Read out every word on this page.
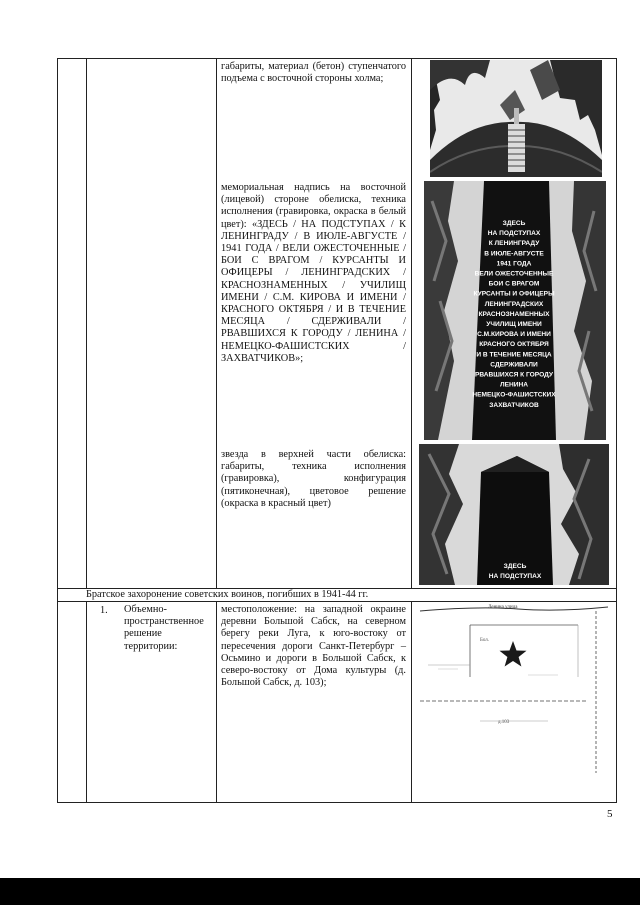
габариты, материал (бетон) ступенчатого подъема с восточной стороны холма;

мемориальная надпись на восточной (лицевой) стороне обелиска, техника исполнения (гравировка, окраска в белый цвет): «ЗДЕСЬ / НА ПОДСТУПАХ / К ЛЕНИНГРАДУ / В ИЮЛЕ-АВГУСТЕ / 1941 ГОДА / ВЕЛИ ОЖЕСТОЧЕННЫЕ / БОИ С ВРАГОМ / КУРСАНТЫ И ОФИЦЕРЫ / ЛЕНИНГРАДСКИХ / КРАСНОЗНАМЕННЫХ / УЧИЛИЩ ИМЕНИ / С.М. КИРОВА И ИМЕНИ / КРАСНОГО ОКТЯБРЯ / И В ТЕЧЕНИЕ МЕСЯЦА / СДЕРЖИВАЛИ / РВАВШИХСЯ К ГОРОДУ / ЛЕНИНА / НЕМЕЦКО-ФАШИСТСКИХ / ЗАХВАТЧИКОВ»;

звезда в верхней части обелиска: габариты, техника исполнения (гравировка), конфигурация (пятиконечная), цветовое решение (окраска в красный цвет)

ЗДЕСЬ
НА ПОДСТУПАХ
К ЛЕНИНГРАДУ
В ИЮЛЕ-АВГУСТЕ
1941 ГОДА
ВЕЛИ ОЖЕСТОЧЕННЫЕ
БОИ С ВРАГОМ
КУРСАНТЫ И ОФИЦЕРЫ
ЛЕНИНГРАДСКИХ
КРАСНОЗНАМЕННЫХ
УЧИЛИЩ ИМЕНИ
С.М.КИРОВА И ИМЕНИ
КРАСНОГО ОКТЯБРЯ
И В ТЕЧЕНИЕ МЕСЯЦА
СДЕРЖИВАЛИ
РВАВШИХСЯ К ГОРОДУ
ЛЕНИНА
НЕМЕЦКО-ФАШИСТСКИХ
ЗАХВАТЧИКОВ
ЗДЕСЬ
НА ПОДСТУПАХ
Братское захоронение советских воинов, погибших в 1941-44 гг.
1. Объемно-пространственное решение территории:

местоположение: на западной окраине деревни Большой Сабск, на северном берегу реки Луга, к юго-востоку от пересечения дороги Санкт-Петербург – Осьмино и дороги в Большой Сабск, к северо-востоку от Дома культуры (д. Большой Сабск, д. 103);

Ленина улица
Бол.
д.103
5
